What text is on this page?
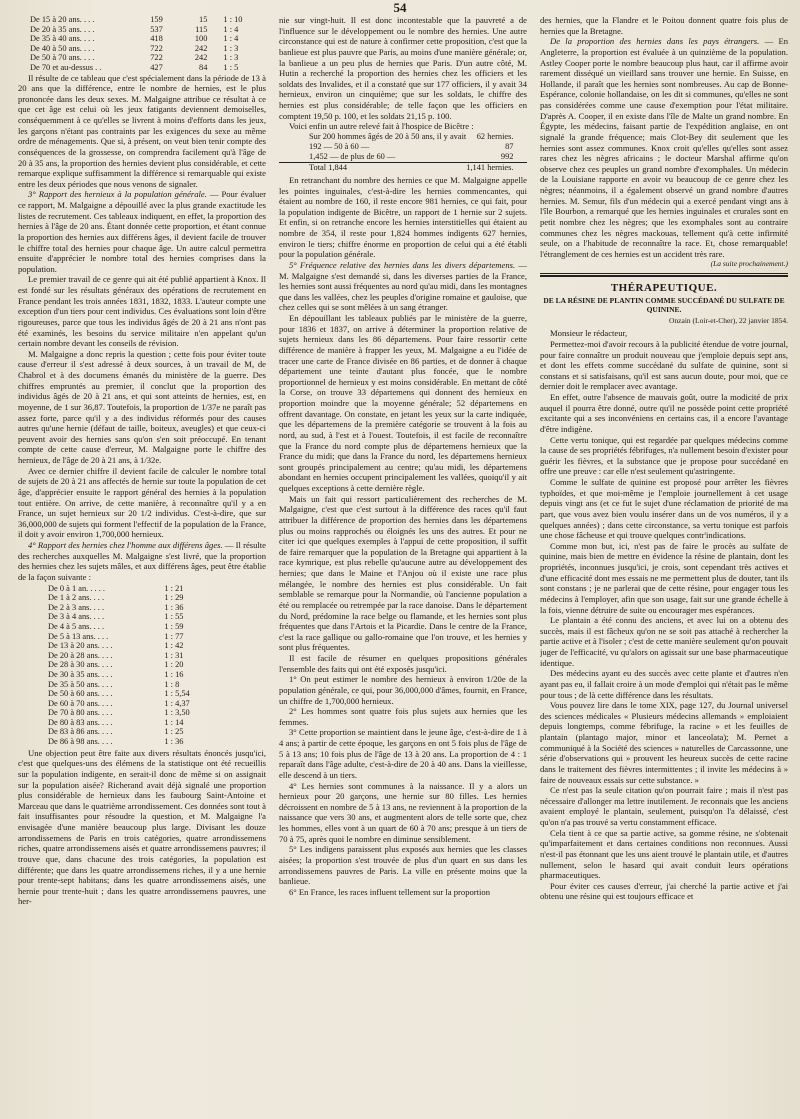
54
De 15 à 20 ans. . . .	159	15	1 : 10
De 20 à 35 ans. . . .	537	115	1 : 4
De 35 à 40 ans. . . .	418	100	1 : 4
De 40 à 50 ans. . . .	722	242	1 : 3
De 50 à 70 ans. . . .	722	242	1 : 3
De 70 et au-dessus . .	427	84	1 : 5

Il résulte de ce tableau que c'est spécialement dans la période de 13 à 20 ans que la différence, entre le nombre de hernies, est le plus prononcée dans les deux sexes. M. Malgaigne attribue ce résultat à ce que cet âge est celui où les jeux fatigants deviennent demoiselles, conséquemment à ce qu'elles se livrent à moins d'efforts dans les jeux, les garçons n'étant pas contraints par les exigences du sexe au même ordre de ménagements. Que si, à présent, on veut bien tenir compte des conséquences de la grossesse, on comprendra facilement qu'à l'âge de 20 à 35 ans, la proportion des hernies devient plus considérable, et cette remarque explique suffisamment la différence si remarquable qui existe entre les deux périodes que nous venons de signaler.

3° Rapport des hernieux à la population générale. — Pour évaluer ce rapport, M. Malgaigne a dépouillé avec la plus grande exactitude les listes de recrutement. Ces tableaux indiquent, en effet, la proportion des hernies à l'âge de 20 ans. Étant donnée cette proportion, et étant connue la proportion des hernies aux différens âges, il devient facile de trouver le chiffre total des hernies pour chaque âge. Un autre calcul permettra ensuite d'apprécier le nombre total des hernies comprises dans la population.

Le premier travail de ce genre qui ait été publié appartient à Knox. Il est fondé sur les résultats généraux des opérations de recrutement en France pendant les trois années 1831, 1832, 1833. L'auteur compte une exception d'un tiers pour cent individus. Ces évaluations sont loin d'être rigoureuses, parce que tous les individus âgés de 20 à 21 ans n'ont pas été examinés, les besoins du service militaire n'en appelant qu'un certain nombre devant les conseils de révision.

M. Malgaigne a donc repris la question ; cette fois pour éviter toute cause d'erreur il s'est adressé à deux sources, à un travail de M, de Chabrol et à des documens émanés du ministère de la guerre. Des chiffres empruntés au premier, il conclut que la proportion des individus âgés de 20 à 21 ans, et qui sont atteints de hernies, est, en moyenne, de 1 sur 36,87. Toutefois, la proportion de 1/37e ne paraît pas assez forte, parce qu'il y a des individus réformés pour des causes autres qu'une hernie (défaut de taille, boiteux, aveugles) et que ceux-ci peuvent avoir des hernies sans qu'on s'en soit préoccupé. En tenant compte de cette cause d'erreur, M. Malgaigne porte le chiffre des hernieux, de l'âge de 20 à 21 ans, à 1/32e.

Avec ce dernier chiffre il devient facile de calculer le nombre total de sujets de 20 à 21 ans affectés de hernie sur toute la population de cet âge, d'apprécier ensuite le rapport général des hernies à la population tout entière. On arrive, de cette manière, à reconnaître qu'il y a en France, un sujet hernieux sur 20 1/2 individus. C'est-à-dire, que sur 36,000,000 de sujets qui forment l'effectif de la population de la France, il doit y avoir environ 1,700,000 hernieux.

4° Rapport des hernies chez l'homme aux différens âges. — Il résulte des recherches auxquelles M. Malgaigne s'est livré, que la proportion des hernies chez les sujets mâles, et aux différens âges, peut être établie de la façon suivante :

De 0 à 1 an. . . . .	1 : 21
De 1 à 2 ans. . . .	1 : 29
De 2 à 3 ans. . . .	1 : 36
De 3 à 4 ans. . . .	1 : 55
De 4 à 5 ans. . . .	1 : 59
De 5 à 13 ans. . . .	1 : 77
De 13 à 20 ans. . . .	1 : 42
De 20 à 28 ans. . . .	1 : 31
De 28 à 30 ans. . . .	1 : 20
De 30 à 35 ans. . . .	1 : 16
De 35 à 50 ans. . . .	1 : 8
De 50 à 60 ans. . . .	1 : 5,54
De 60 à 70 ans. . . .	1 : 4,37
De 70 à 80 ans. . . .	1 : 3,50
De 80 à 83 ans. . . .	1 : 14
De 83 à 86 ans. . . .	1 : 25
De 86 à 98 ans. . . .	1 : 36

Une objection peut être faite aux divers résultats énoncés jusqu'ici, c'est que quelques-uns des élémens de la statistique ont été recueillis sur la population indigente, en serait-il donc de même si on assignait sur la population aisée? Richerand avait déjà signalé une proportion plus considérable de hernieux dans les faubourg Saint-Antoine et Marceau que dans le quatrième arrondissement. Ces données sont tout à fait insuffisantes pour résoudre la question, et M. Malgaigne l'a envisagée d'une manière beaucoup plus large. Divisant les douze arrondissemens de Paris en trois catégories, quatre arrondissemens riches, quatre arrondissemens aisés et quatre arrondissemens pauvres; il trouve que, dans chacune des trois catégories, la population est différente; que dans les quatre arrondissemens riches, il y a une hernie pour trente-sept habitans; dans les quatre arrondissemens aisés, une hernie pour trente-huit ; dans les quatre arrondissemens pauvres, une her-

nie sur vingt-huit. Il est donc incontestable que la pauvreté a de l'influence sur le développement ou le nombre des hernies. Une autre circonstance qui est de nature à confirmer cette proposition, c'est que la banlieue est plus pauvre que Paris, au moins d'une manière générale; or, la banlieue a un peu plus de hernies que Paris. D'un autre côté, M. Hutin a recherché la proportion des hernies chez les officiers et les soldats des Invalides, et il a constaté que sur 177 officiers, il y avait 34 hernieux, environ un cinquième; que sur les soldats, le chiffre des hernies est plus considérable; de telle façon que les officiers en comptent 19,50 p. 100, et les soldats 21,15 p. 100.

Voici enfin un autre relevé fait à l'hospice de Bicêtre :

Sur 200 hommes âgés de 20 à 50 ans, il y avait	62 hernies.
192 — 50 à 60 —	87
1,452 — de plus de 60 —	992
Total 1,844	1,141 hernies.

En retranchant du nombre des hernies ce que M. Malgaigne appelle les pointes inguinales, c'est-à-dire les hernies commencantes, qui étaient au nombre de 160, il reste encore 981 hernies, ce qui fait, pour la population indigente de Bicêtre, un rapport de 1 hernie sur 2 sujets. Et enfin, si on retranche encore les hernies interstitielles qui étaient au nombre de 354, il reste pour 1,824 hommes indigents 627 hernies, environ le tiers; chiffre énorme en proportion de celui qui a été établi pour la population générale.

5° Fréquence relative des hernies dans les divers départemens. — M. Malgaigne s'est demandé si, dans les diverses parties de la France, les hernies sont aussi fréquentes au nord qu'au midi, dans les montagnes que dans les vallées, chez les peuples d'origine romaine et gauloise, que chez celles qui se sont mêlées à un sang étranger.

En dépouillant les tableaux publiés par le ministère de la guerre, pour 1836 et 1837, on arrive à déterminer la proportion relative de sujets hernieux dans les 86 départemens. Pour faire ressortir cette différence de manière à frapper les yeux, M. Malgaigne a eu l'idée de tracer une carte de France divisée en 86 parties, et de donner à chaque département une teinte d'autant plus foncée, que le nombre proportionnel de hernieux y est moins considérable. En mettant de côté la Corse, on trouve 33 départemens qui donnent des hernieux en proportion moindre que la moyenne générale; 52 départemens en offrent davantage. On constate, en jetant les yeux sur la carte indiquée, que les départemens de la première catégorie se trouvent à la fois au nord, au sud, à l'est et à l'ouest. Toutefois, il est facile de reconnaître que la France du nord compte plus de départemens hernieux que la France du midi; que dans la France du nord, les départemens hernieux sont groupés principalement au centre; qu'au midi, les départemens abondant en hernies occupent principalement les vallées, quoiqu'il y ait quelques exceptions à cette dernière règle.

Mais un fait qui ressort particulièrement des recherches de M. Malgaigne, c'est que c'est surtout à la différence des races qu'il faut attribuer la différence de proportion des hernies dans les départemens plus ou moins rapprochés ou éloignés les uns des autres. Et pour ne citer ici que quelques exemples à l'appui de cette proposition, il suffit de faire remarquer que la population de la Bretagne qui appartient à la race kymrique, est plus rebelle qu'aucune autre au développement des hernies; que dans le Maine et l'Anjou où il existe une race plus mélangée, le nombre des hernies est plus considérable. Un fait semblable se remarque pour la Normandie, où l'ancienne population a été ou remplacée ou retrempée par la race danoise. Dans le département du Nord, prédomine la race belge ou flamande, et les hernies sont plus fréquentes que dans l'Artois et la Picardie. Dans le centre de la France, c'est la race gallique ou gallo-romaine que l'on trouve, et les hernies y sont plus fréquentes.

Il est facile de résumer en quelques propositions générales l'ensemble des faits qui ont été exposés jusqu'ici.

1° On peut estimer le nombre des hernieux à environ 1/20e de la population générale, ce qui, pour 36,000,000 d'âmes, fournit, en France, un chiffre de 1,700,000 hernieux.

2° Les hommes sont quatre fois plus sujets aux hernies que les femmes.

3° Cette proportion se maintient dans le jeune âge, c'est-à-dire de 1 à 4 ans; à partir de cette époque, les garçons en ont 5 fois plus de l'âge de 5 à 13 ans; 10 fois plus de l'âge de 13 à 20 ans. La proportion de 4 : 1 reparaît dans l'âge adulte, c'est-à-dire de 20 à 40 ans. Dans la vieillesse, elle descend à un tiers.

4° Les hernies sont communes à la naissance. Il y a alors un hernieux pour 20 garçons, une hernie sur 80 filles. Les hernies décroissent en nombre de 5 à 13 ans, ne reviennent à la proportion de la naissance que vers 30 ans, et augmentent alors de telle sorte que, chez les hommes, elles vont à un quart de 60 à 70 ans; presque à un tiers de 70 à 75, après quoi le nombre en diminue sensiblement.

5° Les indigens paraissent plus exposés aux hernies que les classes aisées; la proportion s'est trouvée de plus d'un quart en sus dans les arrondissemens pauvres de Paris. La ville en présente moins que la banlieue.

6° En France, les races influent tellement sur la proportion

des hernies, que la Flandre et le Poitou donnent quatre fois plus de hernies que la Bretagne.

De la proportion des hernies dans les pays étrangers. — En Angleterre, la proportion est évaluée à un quinzième de la population. Astley Cooper porte le nombre beaucoup plus haut, car il affirme avoir rarement disséqué un vieillard sans trouver une hernie. En Suisse, en Hollande, il paraît que les hernies sont nombreuses. Au cap de Bonne-Espérance, colonie hollandaise, on les dit si communes, qu'elles ne sont pas considérées comme une cause d'exemption pour l'état militaire. D'après A. Cooper, il en existe dans l'île de Malte un grand nombre. En Égypte, les médecins, faisant partie de l'expédition anglaise, en ont signalé la grande fréquence; mais Clot-Bey dit seulement que les hernies sont assez communes. Knox croit qu'elles qu'elles sont assez rares chez les nègres africains ; le docteur Marshal affirme qu'on observe chez ces peuples un grand nombre d'exomphales. Un médecin de la Louisiane rapporte en avoir vu beaucoup de ce genre chez les nègres; néanmoins, il a également observé un grand nombre d'autres hernies. M. Semur, fils d'un médecin qui a exercé pendant vingt ans à l'île Bourbon, a remarqué que les hernies inguinales et crurales sont en petit nombre chez les nègres; que les exomphales sont au contraire communes chez les nègres mackouas, tellement qu'à cette infirmité seule, on a l'habitude de reconnaître la race. Et, chose remarquable! l'étranglement de ces hernies est un accident très rare.

(La suite prochainement.)

THÉRAPEUTIQUE.
DE LA RÉSINE DE PLANTIN COMME SUCCÉDANÉ DU SULFATE DE QUININE.
Onzain (Loir-et-Cher), 22 janvier 1854.

Monsieur le rédacteur,

Permettez-moi d'avoir recours à la publicité étendue de votre journal, pour faire connaître un produit nouveau que j'emploie depuis sept ans, et dont les effets comme succédané du sulfate de quinine, sont si constans et si satisfaisans, qu'il est sans aucun doute, pour moi, que ce dernier doit le remplacer avec avantage.

En effet, outre l'absence de mauvais goût, outre la modicité de prix auquel il pourra être donné, outre qu'il ne possède point cette propriété excitante qui a ses inconvéniens en certains cas, il a encore l'avantage d'être indigène.

Cette vertu tonique, qui est regardée par quelques médecins comme la cause de ses propriétés fébrifuges, n'a nullement besoin d'exister pour guérir les fièvres, et la substance que je propose pour succédané en offre une preuve : car elle n'est seulement qu'astringente.

Comme le sulfate de quinine est proposé pour arrêter les fièvres typhoïdes, et que moi-même je l'emploie journellement à cet usage depuis vingt ans (et ce fut le sujet d'une réclamation de priorité de ma part, que vous avez bien voulu insérer dans un de vos numéros, il y a quelques années) ; dans cette circonstance, sa vertu tonique est parfois une chose fâcheuse et qui trouve quelques contr'indications.

Comme mon but, ici, n'est pas de faire le procès au sulfate de quinine, mais bien de mettre en évidence la résine de plantain, dont les propriétés, inconnues jusqu'ici, je crois, sont cependant très actives et d'une efficacité dont mes essais ne me permettent plus de douter, tant ils sont constans ; je ne parlerai que de cette résine, pour engager tous les médecins à l'employer, afin que son usage, fait sur une grande échelle à la fois, vienne détruire de suite ou encourager mes espérances.

Le plantain a été connu des anciens, et avec lui on a obtenu des succès, mais il est fâcheux qu'on ne se soit pas attaché à rechercher la partie active et à l'isoler ; c'est de cette manière seulement qu'on pouvait juger de l'efficacité, vu qu'alors on agissait sur une base pharmaceutique identique.

Des médecins ayant eu des succès avec cette plante et d'autres n'en ayant pas eu, il fallait croire à un mode d'emploi qui n'était pas le même pour tous ; de là cette différence dans les résultats.

Vous pouvez lire dans le tome XIX, page 127, du Journal universel des sciences médicales « Plusieurs médecins allemands » emploiaient depuis longtemps, comme fébrifuge, la racine » et les feuilles de plantain (plantago major, minor et lanceolata); M. Pernet a communiqué à la Société des sciences » naturelles de Carcassonne, une série d'observations qui » prouvent les heureux succès de cette racine dans le traitement des fièvres intermittentes ; il invite les médecins à » faire de nouveaux essais sur cette substance. »

Ce n'est pas la seule citation qu'on pourrait faire ; mais il n'est pas nécessaire d'allonger ma lettre inutilement. Je reconnais que les anciens avaient employé le plantain, seulement, puisqu'on l'a délaissé, c'est qu'on n'a pas trouvé sa vertu constamment efficace.

Cela tient à ce que sa partie active, sa gomme résine, ne s'obtenait qu'imparfaitement et dans certaines conditions non reconnues. Aussi n'est-il pas étonnant que les uns aient trouvé le plantain utile, et d'autres nullement, selon le hasard qui avait conduit leurs opérations pharmaceutiques.

Pour éviter ces causes d'erreur, j'ai cherché la partie active et j'ai obtenu une résine qui est toujours efficace et
